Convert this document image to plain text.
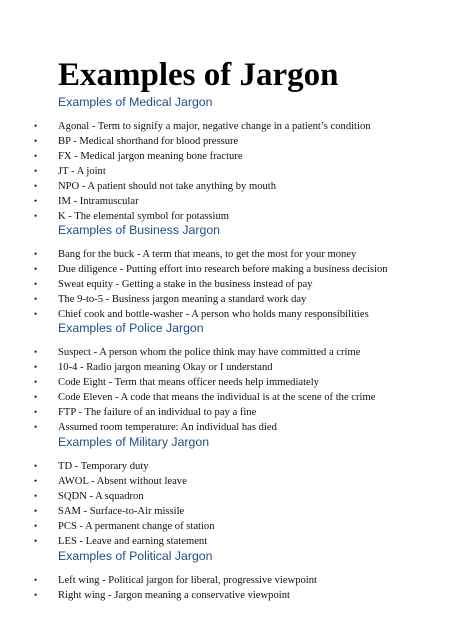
Examples of Jargon
Examples of Medical Jargon
• Agonal - Term to signify a major, negative change in a patient’s condition
• BP - Medical shorthand for blood pressure
• FX - Medical jargon meaning bone fracture
• JT - A joint
• NPO - A patient should not take anything by mouth
• IM - Intramuscular
• K - The elemental symbol for potassium
Examples of Business Jargon
• Bang for the buck - A term that means, to get the most for your money
• Due diligence - Putting effort into research before making a business decision
• Sweat equity - Getting a stake in the business instead of pay
• The 9-to-5 - Business jargon meaning a standard work day
• Chief cook and bottle-washer - A person who holds many responsibilities
Examples of Police Jargon
• Suspect - A person whom the police think may have committed a crime
• 10-4 - Radio jargon meaning Okay or I understand
• Code Eight - Term that means officer needs help immediately
• Code Eleven - A code that means the individual is at the scene of the crime
• FTP - The failure of an individual to pay a fine
• Assumed room temperature: An individual has died
Examples of Military Jargon
• TD - Temporary duty
• AWOL - Absent without leave
• SQDN - A squadron
• SAM - Surface-to-Air missile
• PCS - A permanent change of station
• LES - Leave and earning statement
Examples of Political Jargon
• Left wing - Political jargon for liberal, progressive viewpoint
• Right wing - Jargon meaning a conservative viewpoint
